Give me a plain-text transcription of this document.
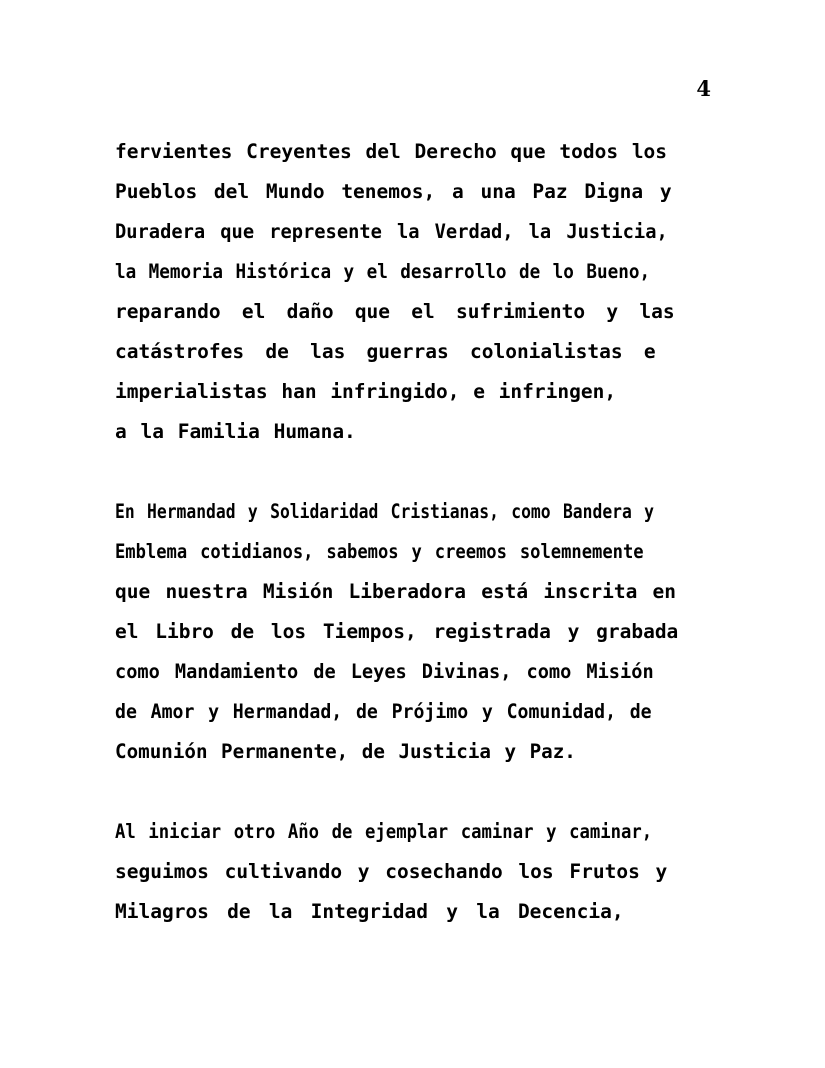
4
fervientes Creyentes del Derecho que todos los
Pueblos del Mundo tenemos, a una Paz Digna y
Duradera que represente la Verdad, la Justicia,
la Memoria Histórica y el desarrollo de lo Bueno,
reparando el daño que el sufrimiento y las
catástrofes de las guerras colonialistas e
imperialistas han infringido, e infringen,
a la Familia Humana.
En Hermandad y Solidaridad Cristianas, como Bandera y
Emblema cotidianos, sabemos y creemos solemnemente
que nuestra Misión Liberadora está inscrita en
el Libro de los Tiempos, registrada y grabada
como Mandamiento de Leyes Divinas, como Misión
de Amor y Hermandad, de Prójimo y Comunidad, de
Comunión Permanente, de Justicia y Paz.
Al iniciar otro Año de ejemplar caminar y caminar,
seguimos cultivando y cosechando los Frutos y
Milagros de la Integridad y la Decencia,
